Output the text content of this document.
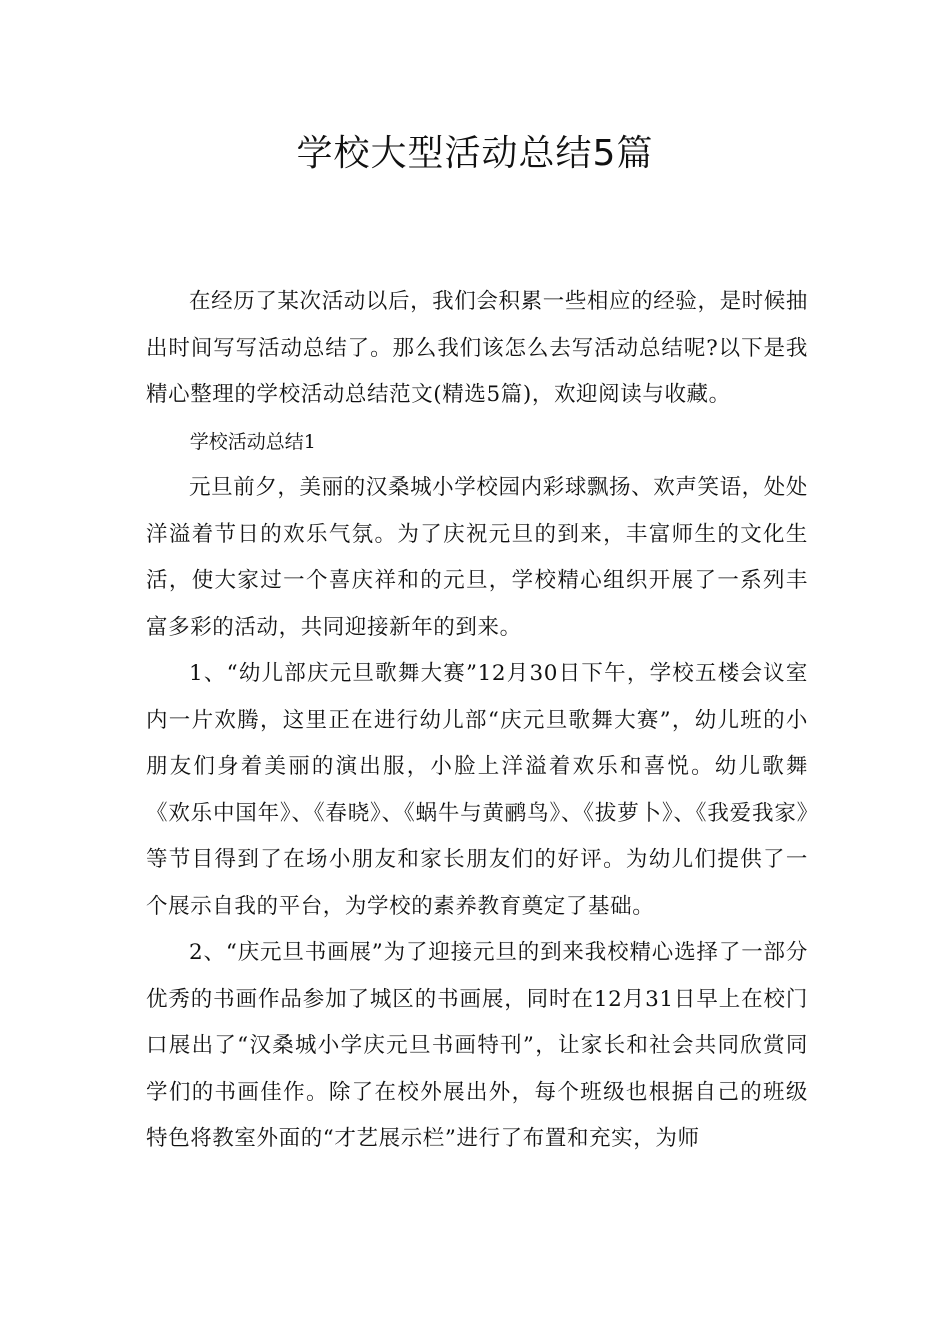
学校大型活动总结5篇

在经历了某次活动以后，我们会积累一些相应的经验，是时候抽出时间写写活动总结了。那么我们该怎么去写活动总结呢?以下是我精心整理的学校活动总结范文(精选5篇)，欢迎阅读与收藏。

学校活动总结1

元旦前夕，美丽的汉桑城小学校园内彩球飘扬、欢声笑语，处处洋溢着节日的欢乐气氛。为了庆祝元旦的到来，丰富师生的文化生活，使大家过一个喜庆祥和的元旦，学校精心组织开展了一系列丰富多彩的活动，共同迎接新年的到来。

1、“幼儿部庆元旦歌舞大赛”12月30日下午，学校五楼会议室内一片欢腾，这里正在进行幼儿部“庆元旦歌舞大赛”，幼儿班的小朋友们身着美丽的演出服，小脸上洋溢着欢乐和喜悦。幼儿歌舞《欢乐中国年》、《春晓》、《蜗牛与黄鹂鸟》、《拔萝卜》、《我爱我家》等节目得到了在场小朋友和家长朋友们的好评。为幼儿们提供了一个展示自我的平台，为学校的素养教育奠定了基础。

2、“庆元旦书画展”为了迎接元旦的到来我校精心选择了一部分优秀的书画作品参加了城区的书画展，同时在12月31日早上在校门口展出了“汉桑城小学庆元旦书画特刊”，让家长和社会共同欣赏同学们的书画佳作。除了在校外展出外，每个班级也根据自己的班级特色将教室外面的“才艺展示栏”进行了布置和充实，为师
